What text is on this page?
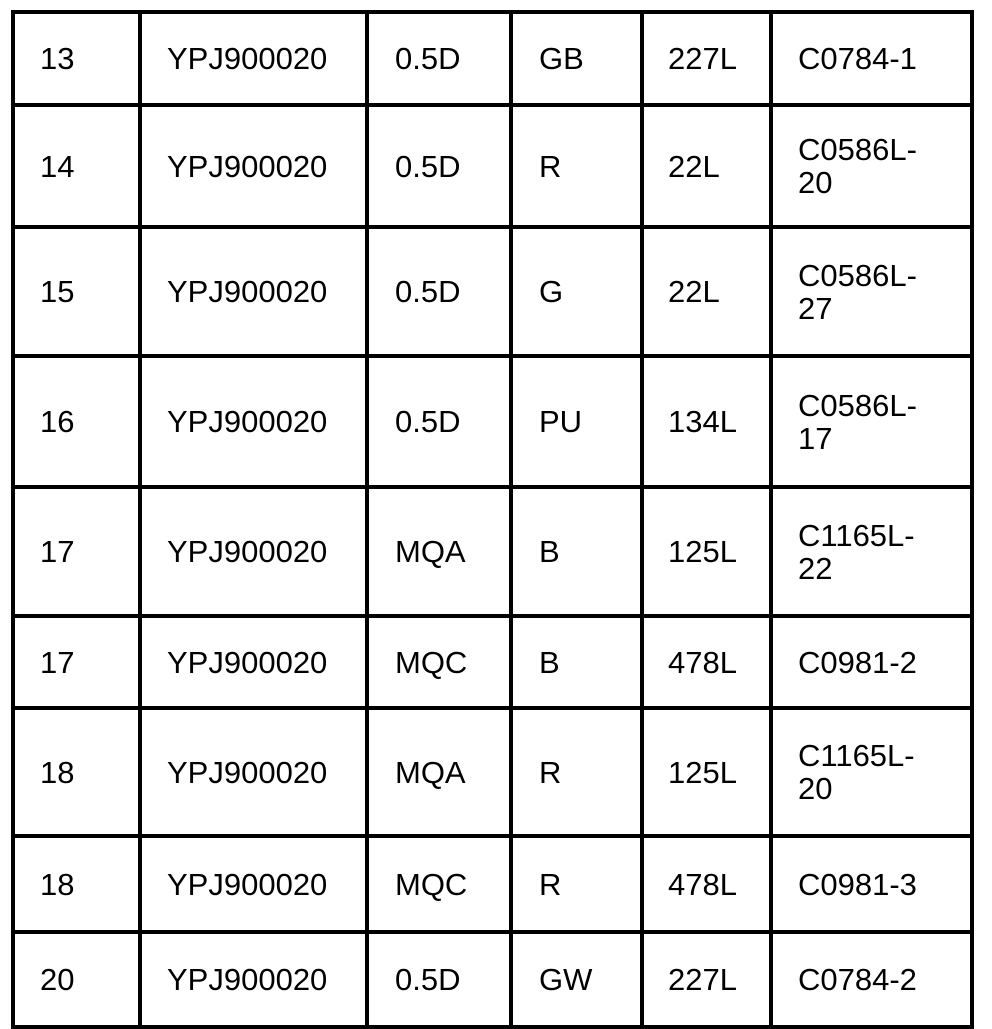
13	YPJ900020	0.5D	GB	227L	C0784-1

14	YPJ900020	0.5D	R	22L	C0586L-
20

15	YPJ900020	0.5D	G	22L	C0586L-
27

16	YPJ900020	0.5D	PU	134L	C0586L-
17

17	YPJ900020	MQA	B	125L	C1165L-
22

17	YPJ900020	MQC	B	478L	C0981-2

18	YPJ900020	MQA	R	125L	C1165L-
20

18	YPJ900020	MQC	R	478L	C0981-3

20	YPJ900020	0.5D	GW	227L	C0784-2
